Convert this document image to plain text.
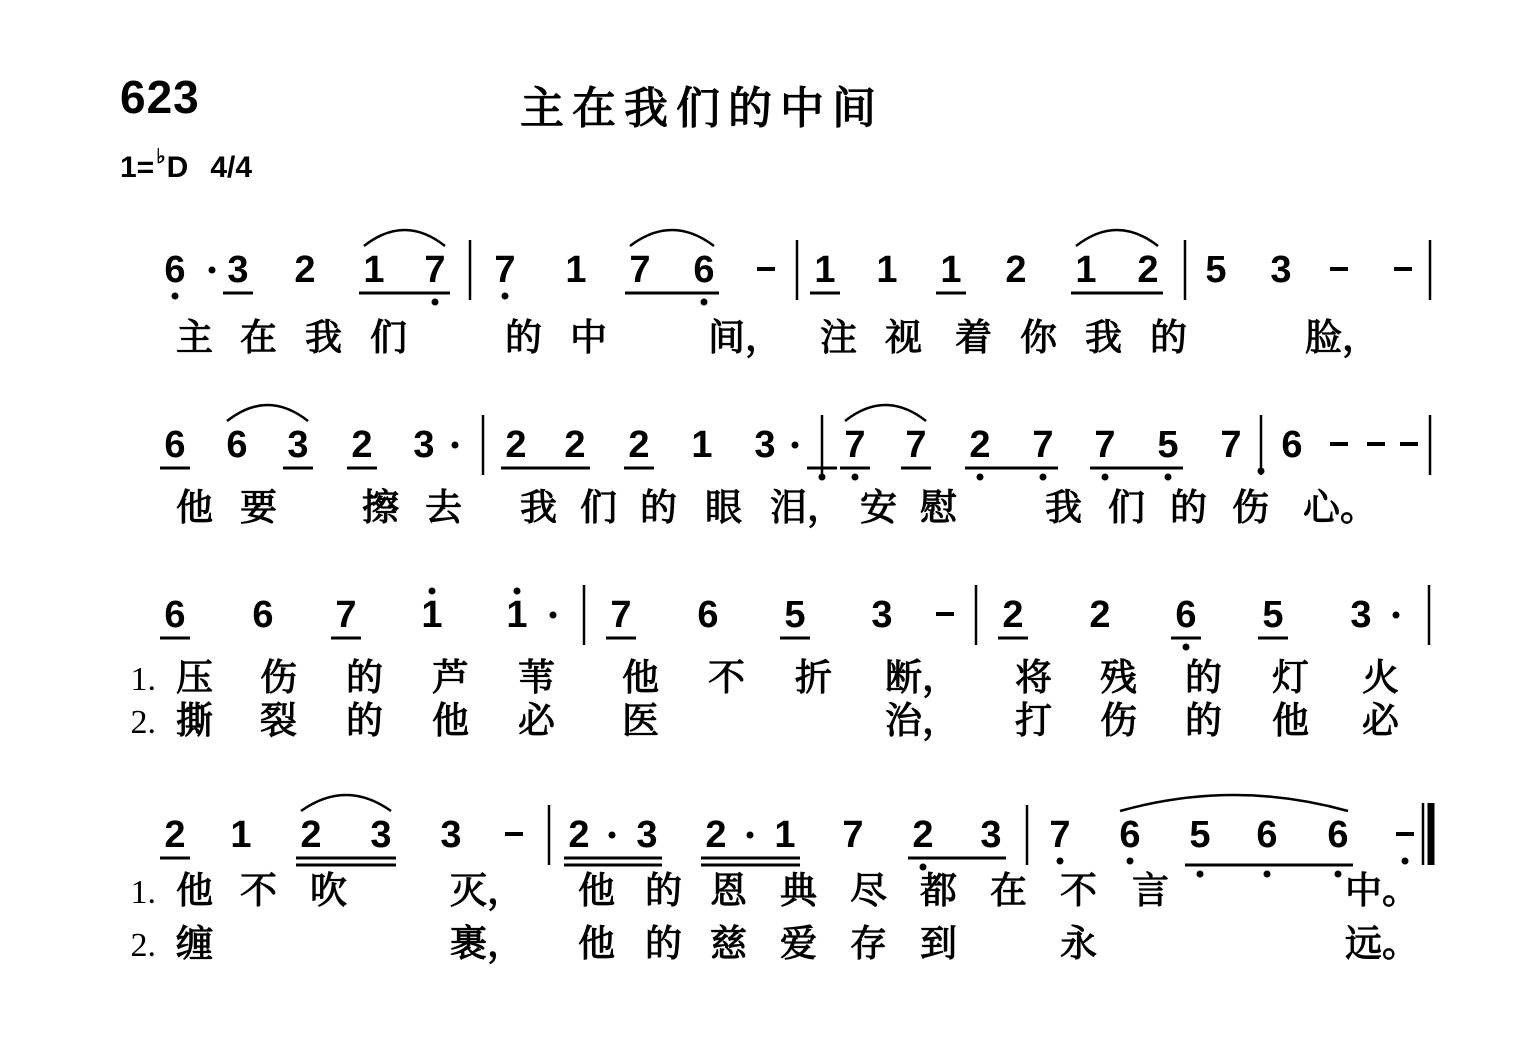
623	主在我们的中间
1= ♭D 4/4
6 3 2 1 7 7 1 7 6	1 1 1 2 1 2 5 3
主 在 我 们	的 中	间， 注 视 着 你 我 的	脸，
6 6 3 2 3 2 2 2 1 3 7 7 2 7 7 5 7 6
他 要 擦 去 我 们 的 眼 泪， 安 慰 我 们 的 伤 心。
6 6 7 1 1 7 6 5 3	2 2 6 5 3
1. 压 伤 的 芦 苇 他 不 折 断， 将 残 的 灯 火
2. 撕 裂 的 他 必 医	治， 打 伤 的 他 必
2 1 2 3 3	2 3 2 1 7 2 3 7 6 5 6 6
1. 他 不 吹	灭， 他 的 恩 典 尽 都 在 不 言	中。
2. 缠	裹， 他 的 慈 爱 存 到	永	远。
